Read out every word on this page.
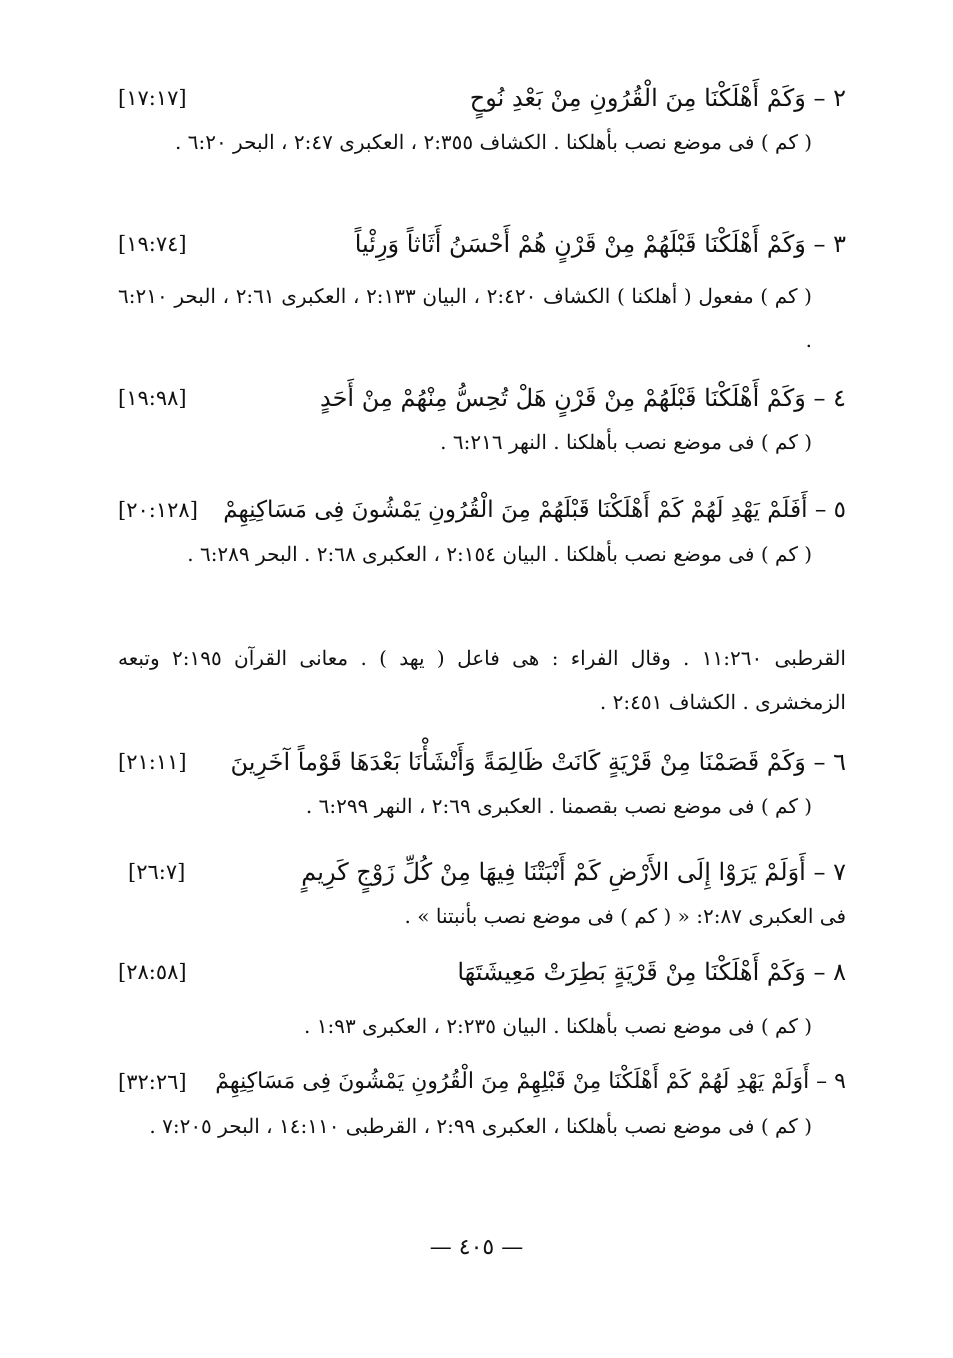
٢ – وَكَمْ أَهْلَكْنَا مِنَ الْقُرُونِ مِنْ بَعْدِ نُوحٍ
[١٧:١٧]
( كم ) فى موضع نصب بأهلكنا . الكشاف ٢:٣٥٥ ، العكبرى ٢:٤٧ ، البحر ٦:٢٠ .
٣ – وَكَمْ أَهْلَكْنَا قَبْلَهُمْ مِنْ قَرْنٍ هُمْ أَحْسَنُ أَثَاثاً وَرِئْياً
[١٩:٧٤]
( كم ) مفعول ( أهلكنا ) الكشاف ٢:٤٢٠ ، البيان ٢:١٣٣ ، العكبرى ٢:٦١ ، البحر ٦:٢١٠ .
٤ – وَكَمْ أَهْلَكْنَا قَبْلَهُمْ مِنْ قَرْنٍ هَلْ تُحِسُّ مِنْهُمْ مِنْ أَحَدٍ
[١٩:٩٨]
( كم ) فى موضع نصب بأهلكنا . النهر ٦:٢١٦ .
٥ – أَفَلَمْ يَهْدِ لَهُمْ كَمْ أَهْلَكْنَا قَبْلَهُمْ مِنَ الْقُرُونِ يَمْشُونَ فِى مَسَاكِنِهِمْ
[٢٠:١٢٨]
( كم ) فى موضع نصب بأهلكنا . البيان ٢:١٥٤ ، العكبرى ٢:٦٨ . البحر ٦:٢٨٩ .
القرطبى ١١:٢٦٠ . وقال الفراء : هى فاعل ( يهد ) . معانى القرآن ٢:١٩٥ وتبعه الزمخشرى . الكشاف ٢:٤٥١ .
٦ – وَكَمْ قَصَمْنَا مِنْ قَرْيَةٍ كَانَتْ ظَالِمَةً وَأَنْشَأْنَا بَعْدَهَا قَوْماً آخَرِينَ
[٢١:١١]
( كم ) فى موضع نصب بقصمنا . العكبرى ٢:٦٩ ، النهر ٦:٢٩٩ .
٧ – أَوَلَمْ يَرَوْا إِلَى الأَرْضِ كَمْ أَنْبَتْنَا فِيهَا مِنْ كُلِّ زَوْجٍ كَرِيمٍ
[٢٦:٧]
فى العكبرى ٢:٨٧: « ( كم ) فى موضع نصب بأنبتنا » .
٨ – وَكَمْ أَهْلَكْنَا مِنْ قَرْيَةٍ بَطِرَتْ مَعِيشَتَهَا
[٢٨:٥٨]
( كم ) فى موضع نصب بأهلكنا . البيان ٢:٢٣٥ ، العكبرى ١:٩٣ .
٩ – أَوَلَمْ يَهْدِ لَهُمْ كَمْ أَهْلَكْنَا مِنْ قَبْلِهِمْ مِنَ الْقُرُونِ يَمْشُونَ فِى مَسَاكِنِهِمْ
[٣٢:٢٦]
( كم ) فى موضع نصب بأهلكنا ، العكبرى ٢:٩٩ ، القرطبى ١٤:١١٠ ، البحر ٧:٢٠٥ .
— ٤٠٥ —
